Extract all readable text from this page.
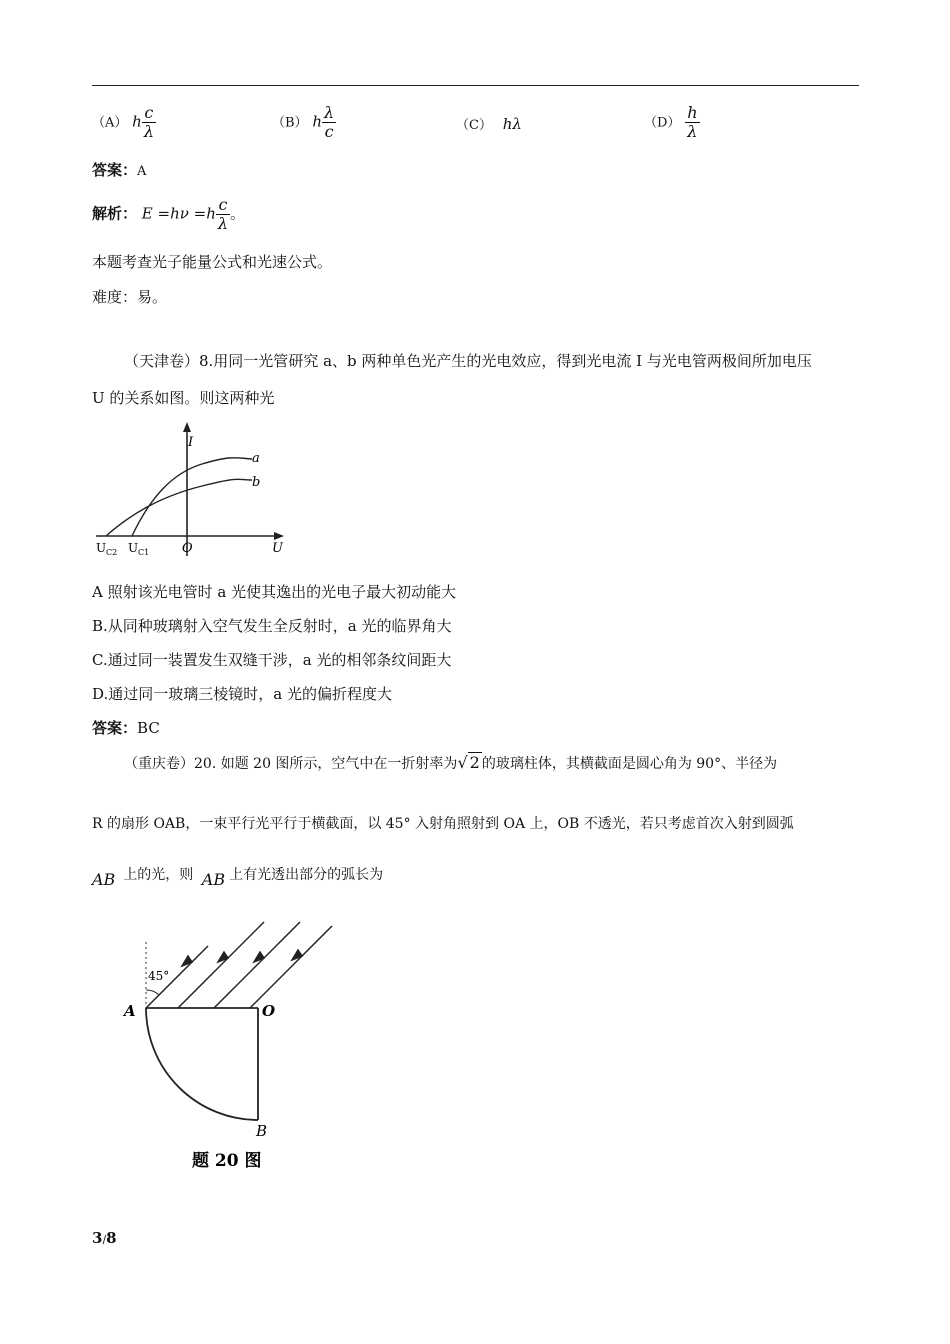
（A） h $\frac{c}{\lambda}$	（B） h $\frac{\lambda}{c}$	（C） hλ	$(D) \frac{h}{\lambda}$
答案：A
解析： $E =h\nu =h \frac{c}{\lambda}$ 。
本题考查光子能量公式和光速公式。
难度：易。
（天津卷）8.用同一光管研究 a、b 两种单色光产生的光电效应，得到光电流 I 与光电管两极间所加电压
U 的关系如图。则这两种光
I
U
O
a
b
U C2 U C1
A 照射该光电管时 a 光使其逸出的光电子最大初动能大
B.从同种玻璃射入空气发生全反射时，a 光的临界角大
C.通过同一装置发生双缝干涉，a 光的相邻条纹间距大
D.通过同一玻璃三棱镜时，a 光的偏折程度大
答案：BC
（重庆卷）20. 如题 20 图所示，空气中在一折射率为√ 2 的玻璃柱体，其横截面是圆心角为 90°、半径为
R 的扇形 OAB，一束平行光平行于横截面，以 45° 入射角照射到 OA 上，OB 不透光，若只考虑首次入射到圆弧
AB 上的光，则 AB 上有光透出部分的弧长为
45°
A	O
B
题 20 图
3/8
